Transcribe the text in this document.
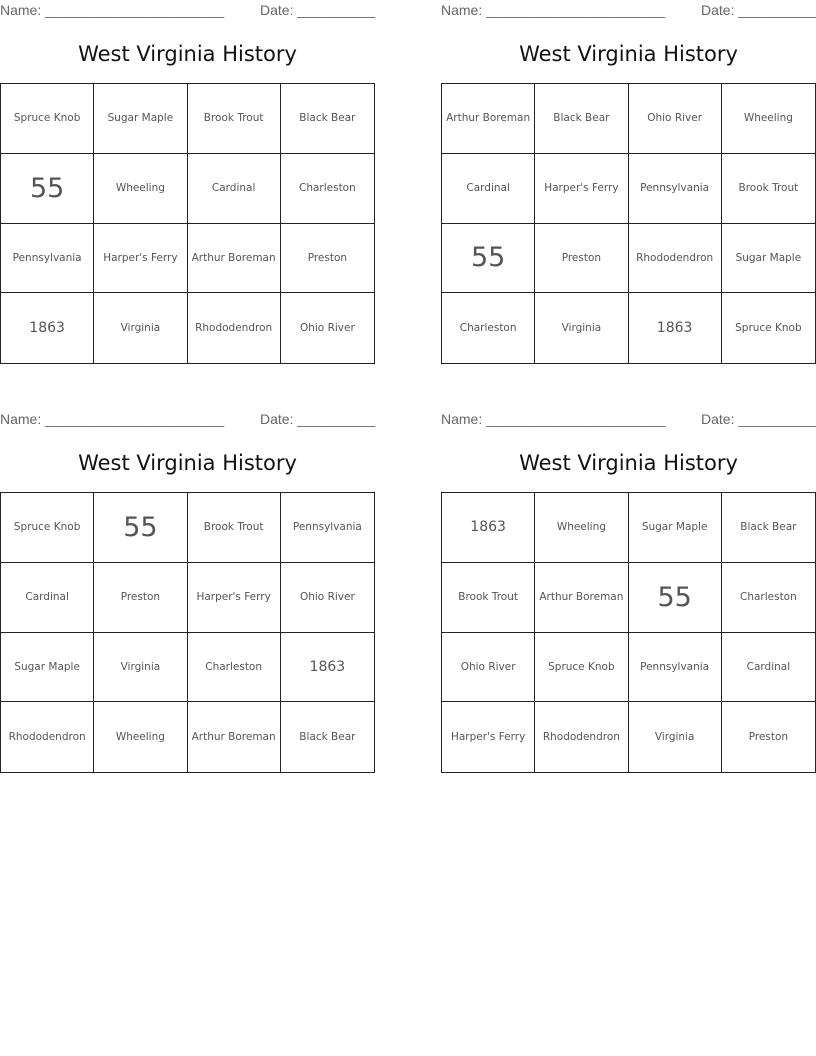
Name: _______________________	Date: __________
West Virginia History
Spruce Knob	Sugar Maple	Brook Trout	Black Bear
55	Wheeling	Cardinal	Charleston
Pennsylvania	Harper's Ferry	Arthur Boreman	Preston
1863	Virginia	Rhododendron	Ohio River
Name: _______________________	Date: __________
West Virginia History
Arthur Boreman	Black Bear	Ohio River	Wheeling
Cardinal	Harper's Ferry	Pennsylvania	Brook Trout
55	Preston	Rhododendron	Sugar Maple
Charleston	Virginia	1863	Spruce Knob
Name: _______________________	Date: __________
West Virginia History
Spruce Knob	55	Brook Trout	Pennsylvania
Cardinal	Preston	Harper's Ferry	Ohio River
Sugar Maple	Virginia	Charleston	1863
Rhododendron	Wheeling	Arthur Boreman	Black Bear
Name: _______________________	Date: __________
West Virginia History
1863	Wheeling	Sugar Maple	Black Bear
Brook Trout	Arthur Boreman	55	Charleston
Ohio River	Spruce Knob	Pennsylvania	Cardinal
Harper's Ferry	Rhododendron	Virginia	Preston
